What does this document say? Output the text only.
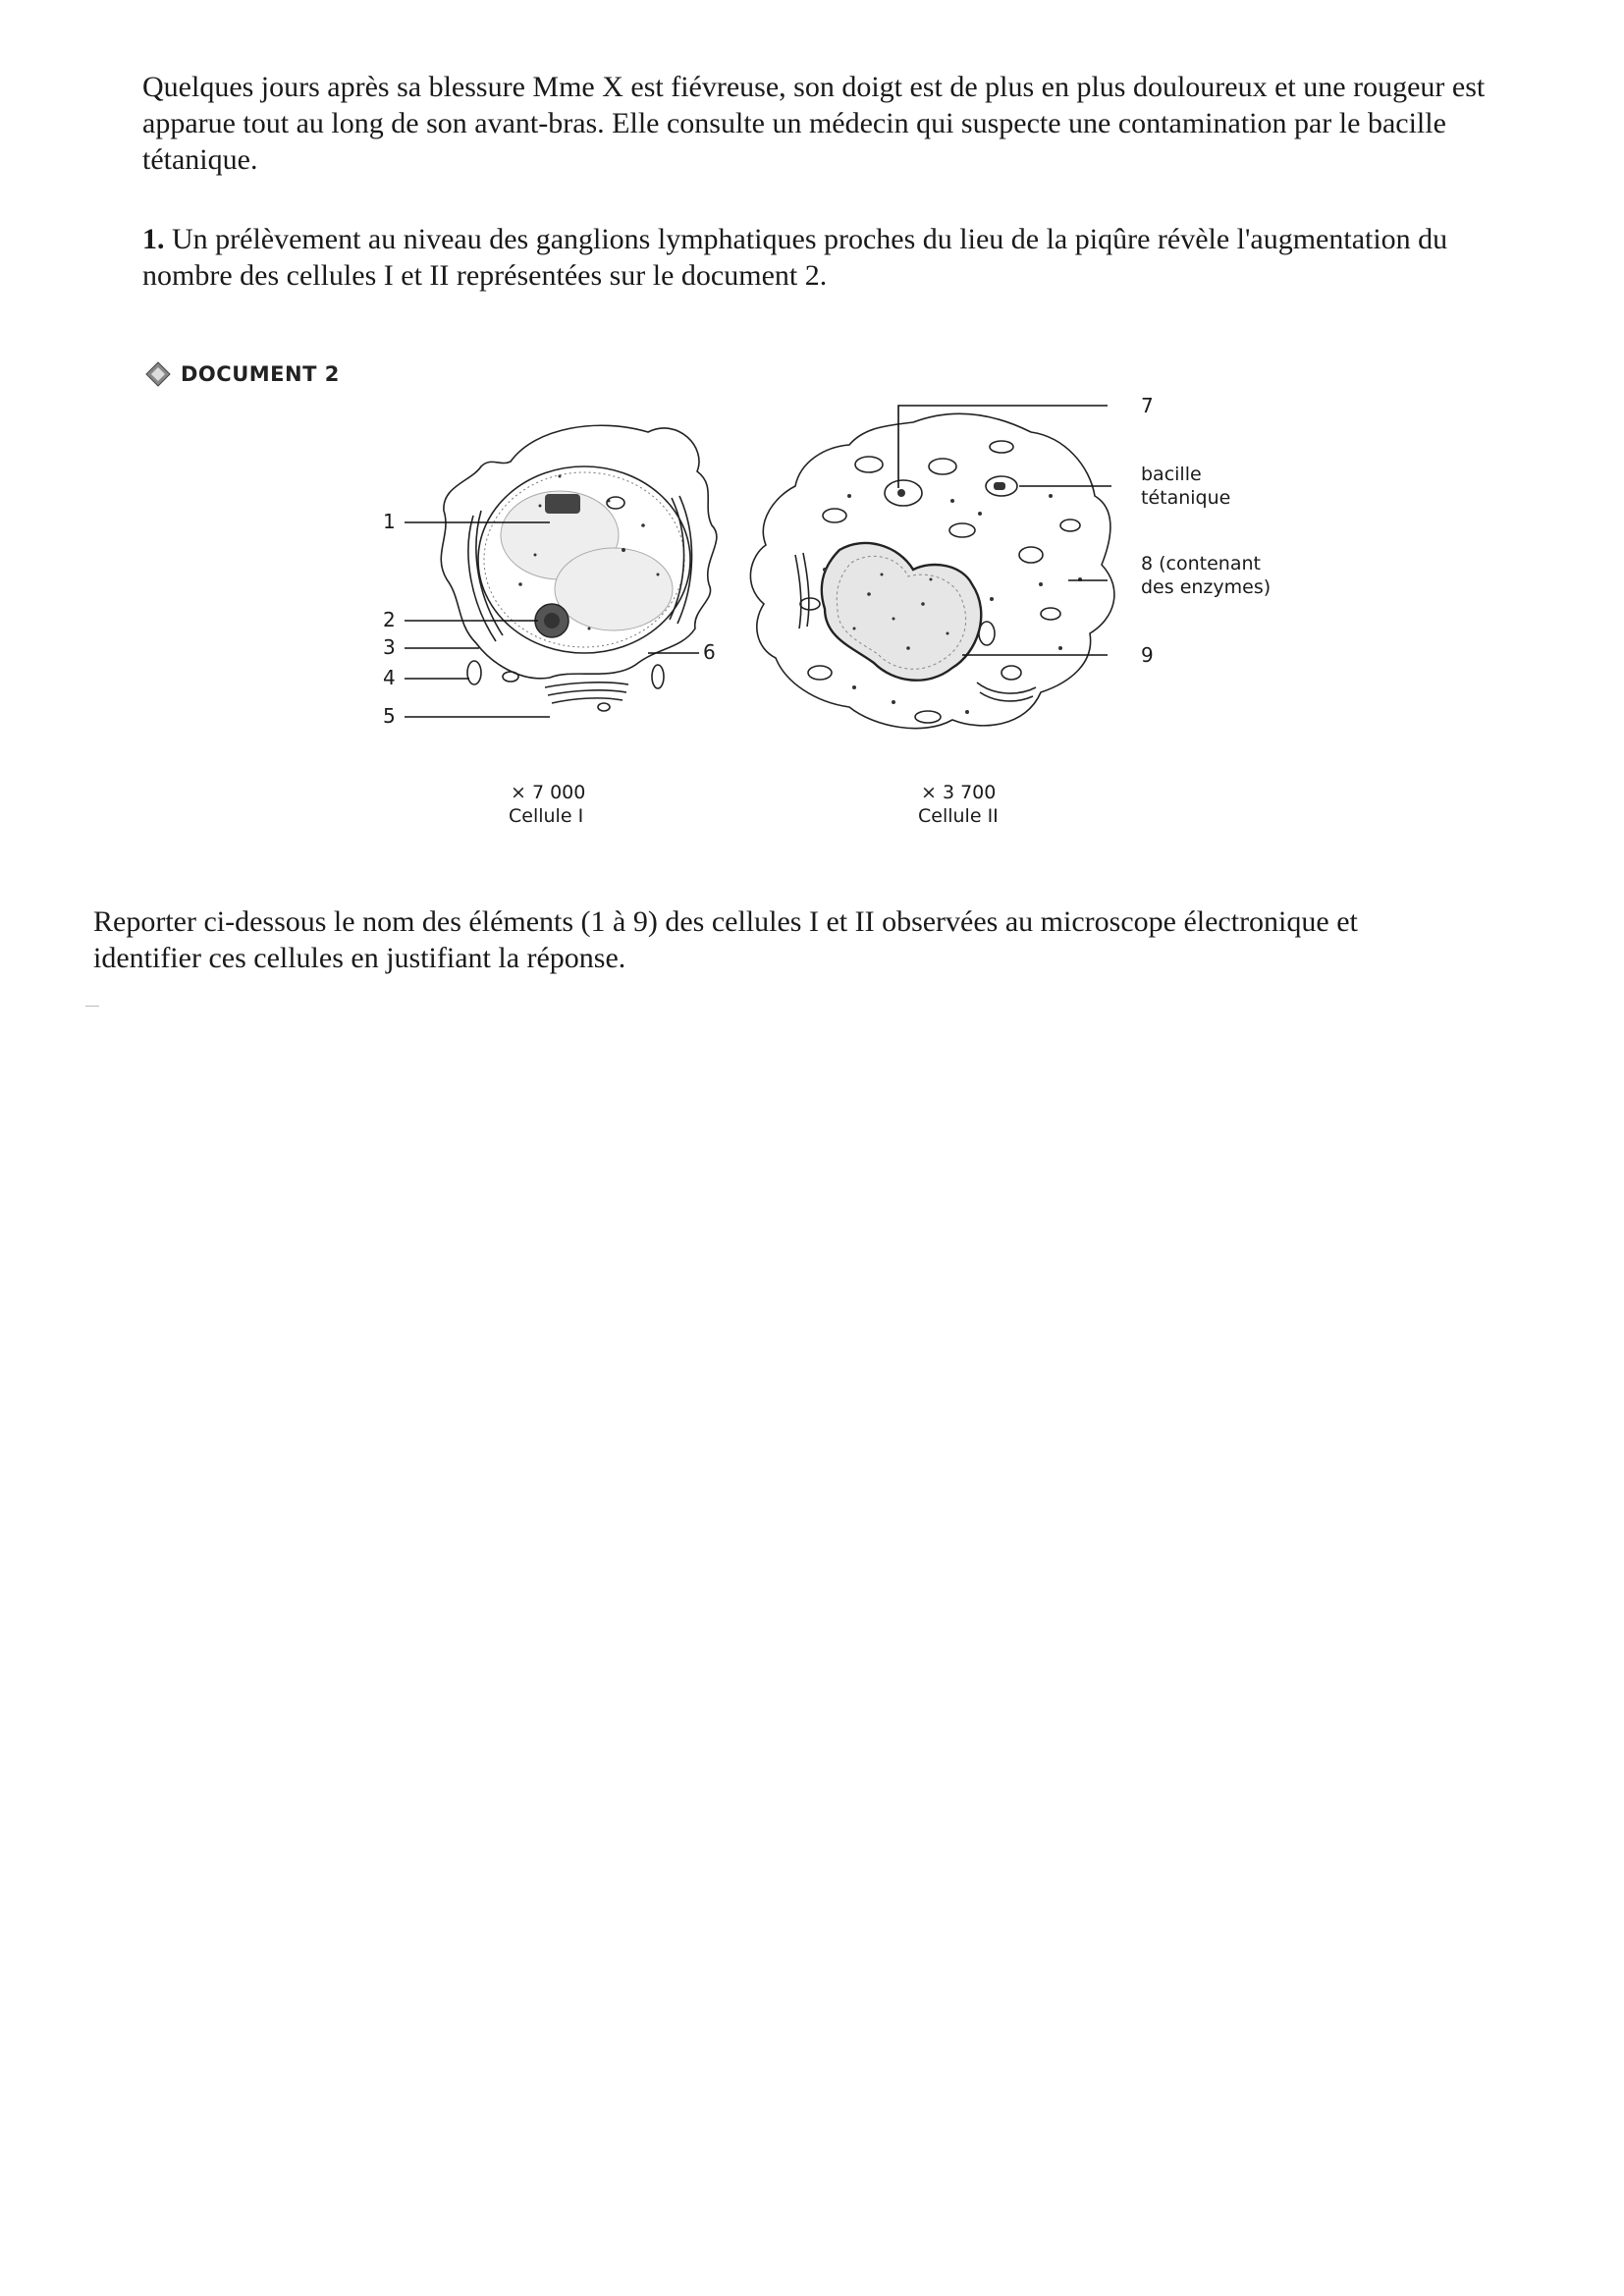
Quelques jours après sa blessure Mme X est fiévreuse, son doigt est de plus en plus douloureux et une rougeur est apparue tout au long de son avant-bras. Elle consulte un médecin qui suspecte une contamination par le bacille tétanique.

1. Un prélèvement au niveau des ganglions lymphatiques proches du lieu de la piqûre révèle l'augmentation du nombre des cellules I et II représentées sur le document 2.

DOCUMENT 2
1
2
3
4
5
6
× 7 000
Cellule I
7
bacille
tétanique
8 (contenant
des enzymes)
9
× 3 700
Cellule II

Reporter ci-dessous le nom des éléments (1 à 9) des cellules I et II observées au microscope électronique et identifier ces cellules en justifiant la réponse.
